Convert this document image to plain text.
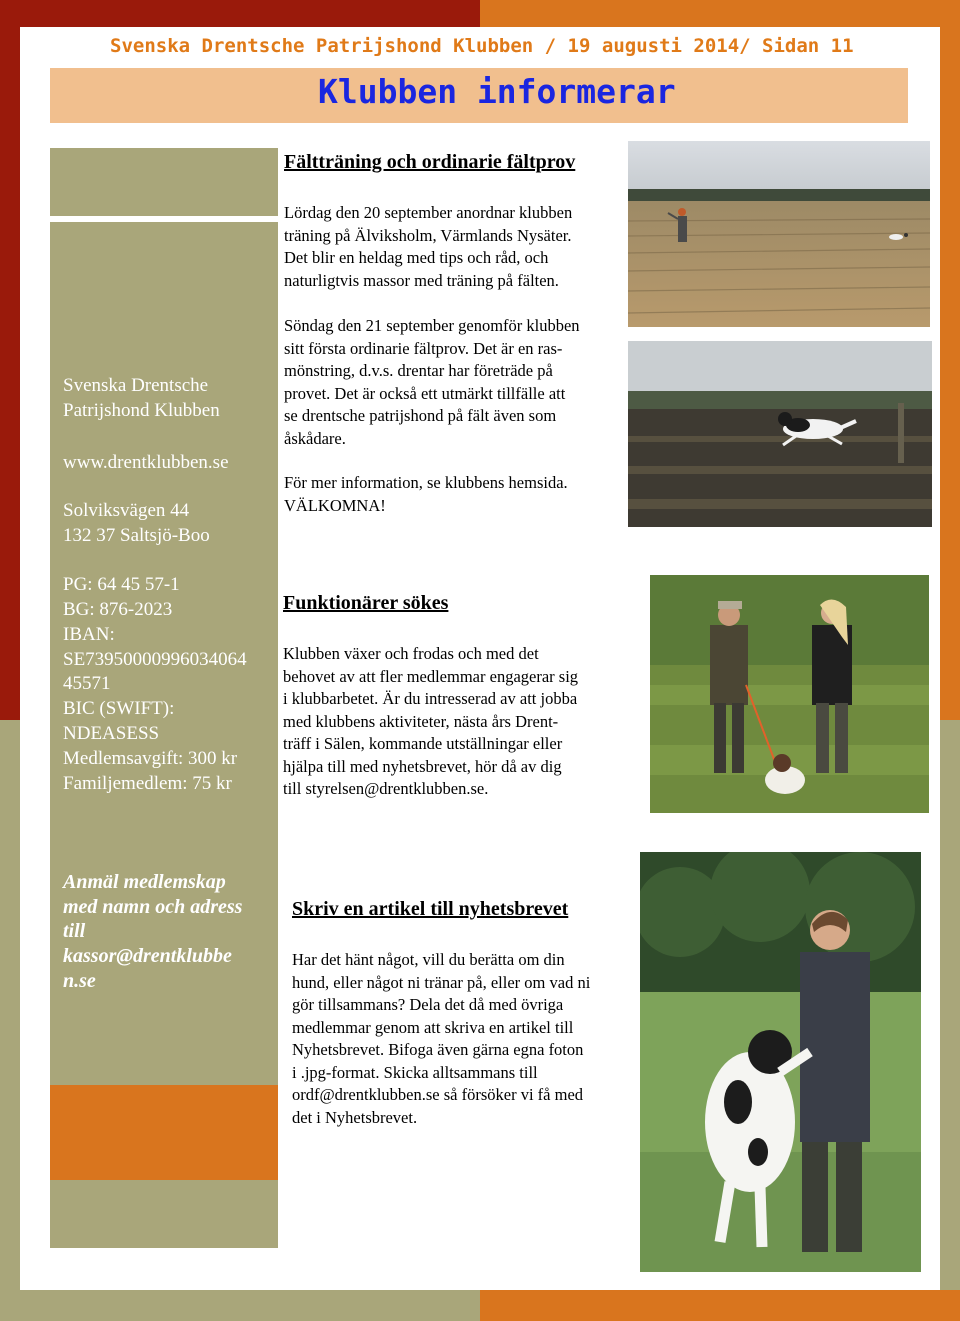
Svenska Drentsche Patrijshond Klubben / 19 augusti 2014/ Sidan 11
Klubben informerar
Svenska Drentsche
Patrijshond Klubben
www.drentklubben.se
Solviksvägen 44
132 37 Saltsjö-Boo
PG: 64 45 57-1
BG: 876-2023
IBAN:
SE73950000996034064
45571
BIC (SWIFT):
NDEASESS
Medlemsavgift: 300 kr
Familjemedlem: 75 kr
Anmäl medlemskap
med namn och adress
till
kassor@drentklubbe
n.se
Fältträning och ordinarie fältprov
Lördag den 20 september anordnar klubben
träning på Älviksholm, Värmlands Nysäter.
Det blir en heldag med tips och råd, och
naturligtvis massor med träning på fälten.
Söndag den 21 september genomför klubben
sitt första ordinarie fältprov. Det är en ras-
mönstring, d.v.s. drentar har företräde på
provet. Det är också ett utmärkt tillfälle att
se drentsche patrijshond på fält även som
åskådare.
För mer information, se klubbens hemsida.
VÄLKOMNA!
Funktionärer sökes
Klubben växer och frodas och med det
behovet av att fler medlemmar engagerar sig
i klubbarbetet. Är du intresserad av att jobba
med klubbens aktiviteter, nästa års Drent-
träff i Sälen, kommande utställningar eller
hjälpa till med nyhetsbrevet, hör då av dig
till styrelsen@drentklubben.se.
Skriv en artikel till nyhetsbrevet
Har det hänt något, vill du berätta om din
hund, eller något ni tränar på, eller om vad ni
gör tillsammans? Dela det då med övriga
medlemmar genom att skriva en artikel till
Nyhetsbrevet. Bifoga även gärna egna foton
i .jpg-format. Skicka alltsammans till
ordf@drentklubben.se så försöker vi få med
det i Nyhetsbrevet.
